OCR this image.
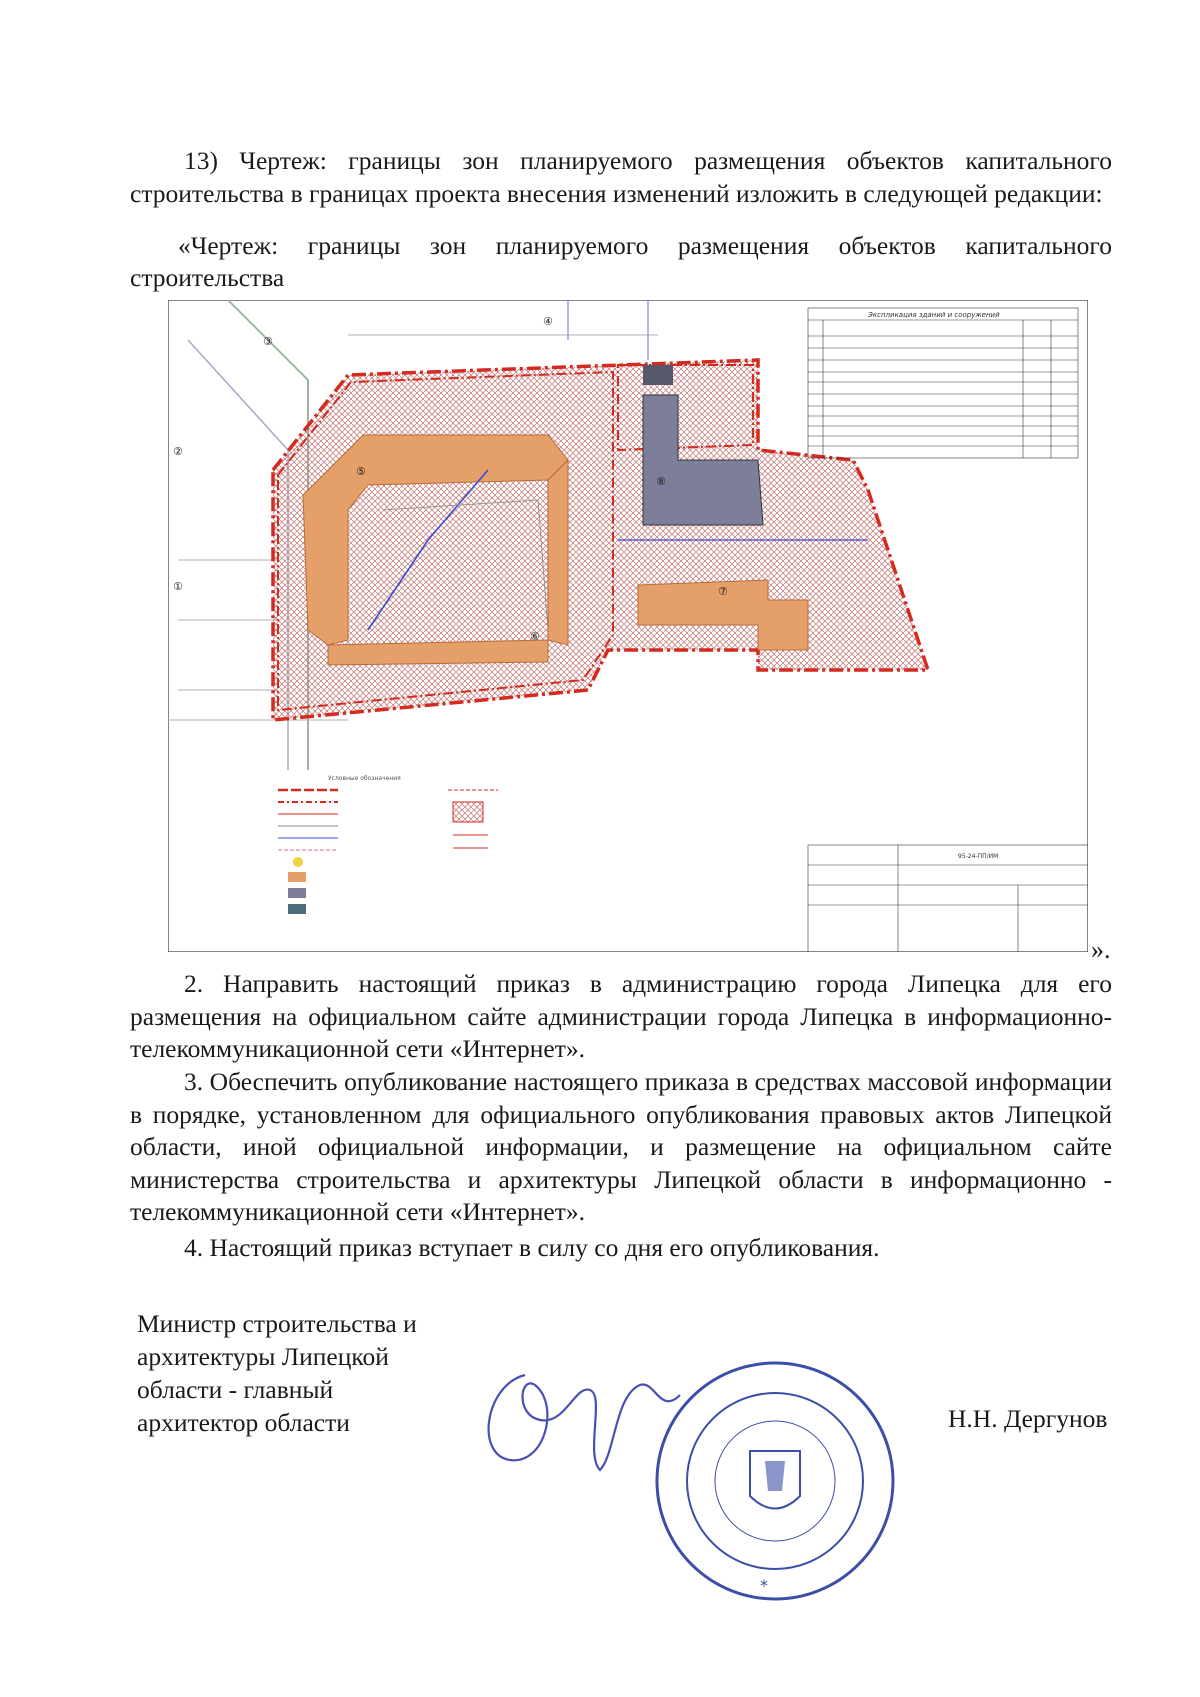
13) Чертеж: границы зон планируемого размещения объектов капитального строительства в границах проекта внесения изменений изложить в следующей редакции:
«Чертеж: границы зон планируемого размещения объектов капитального
строительства
③
④
②
①
⑤
⑥
⑦
⑧
Экспликация зданий и сооружений
Условные обозначения
95-24-ПП/ИМ
».
2. Направить настоящий приказ в администрацию города Липецка для его размещения на официальном сайте администрации города Липецка в информационно-телекоммуникационной сети «Интернет».
3. Обеспечить опубликование настоящего приказа в средствах массовой информации в порядке, установленном для официального опубликования правовых актов Липецкой области, иной официальной информации, и размещение на официальном сайте министерства строительства и архитектуры Липецкой области в информационно - телекоммуникационной сети «Интернет».
4. Настоящий приказ вступает в силу со дня его опубликования.
Министр строительства и
архитектуры Липецкой
области - главный
архитектор области
*
Н.Н. Дергунов
